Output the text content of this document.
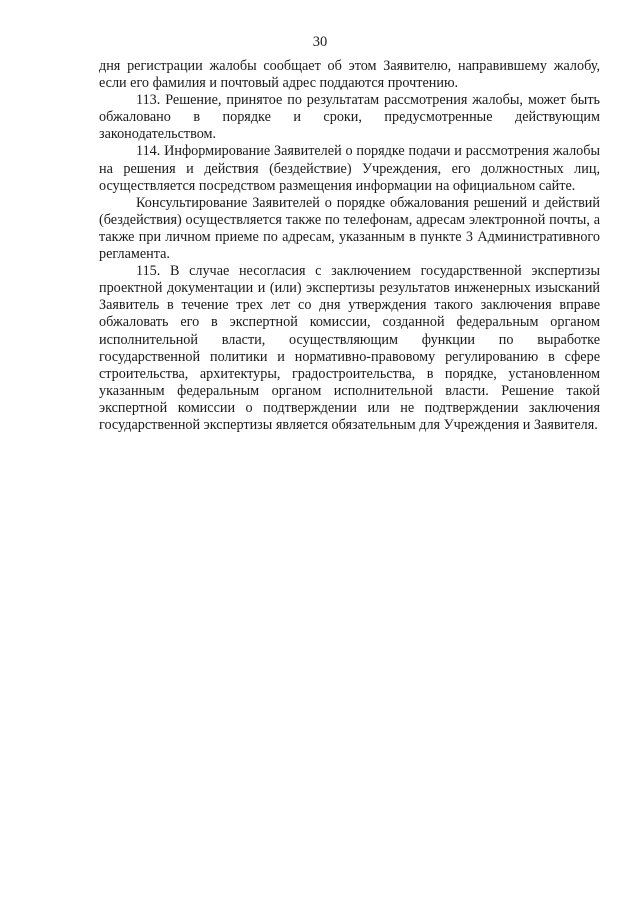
30

дня регистрации жалобы сообщает об этом Заявителю, направившему жалобу, если его фамилия и почтовый адрес поддаются прочтению.

113. Решение, принятое по результатам рассмотрения жалобы, может быть обжаловано в порядке и сроки, предусмотренные действующим законодательством.

114. Информирование Заявителей о порядке подачи и рассмотрения жалобы на решения и действия (бездействие) Учреждения, его должностных лиц, осуществляется посредством размещения информации на официальном сайте.

Консультирование Заявителей о порядке обжалования решений и действий (бездействия) осуществляется также по телефонам, адресам электронной почты, а также при личном приеме по адресам, указанным в пункте 3 Административного регламента.

115. В случае несогласия с заключением государственной экспертизы проектной документации и (или) экспертизы результатов инженерных изысканий Заявитель в течение трех лет со дня утверждения такого заключения вправе обжаловать его в экспертной комиссии, созданной федеральным органом исполнительной власти, осуществляющим функции по выработке государственной политики и нормативно-правовому регулированию в сфере строительства, архитектуры, градостроительства, в порядке, установленном указанным федеральным органом исполнительной власти. Решение такой экспертной комиссии о подтверждении или не подтверждении заключения государственной экспертизы является обязательным для Учреждения и Заявителя.
